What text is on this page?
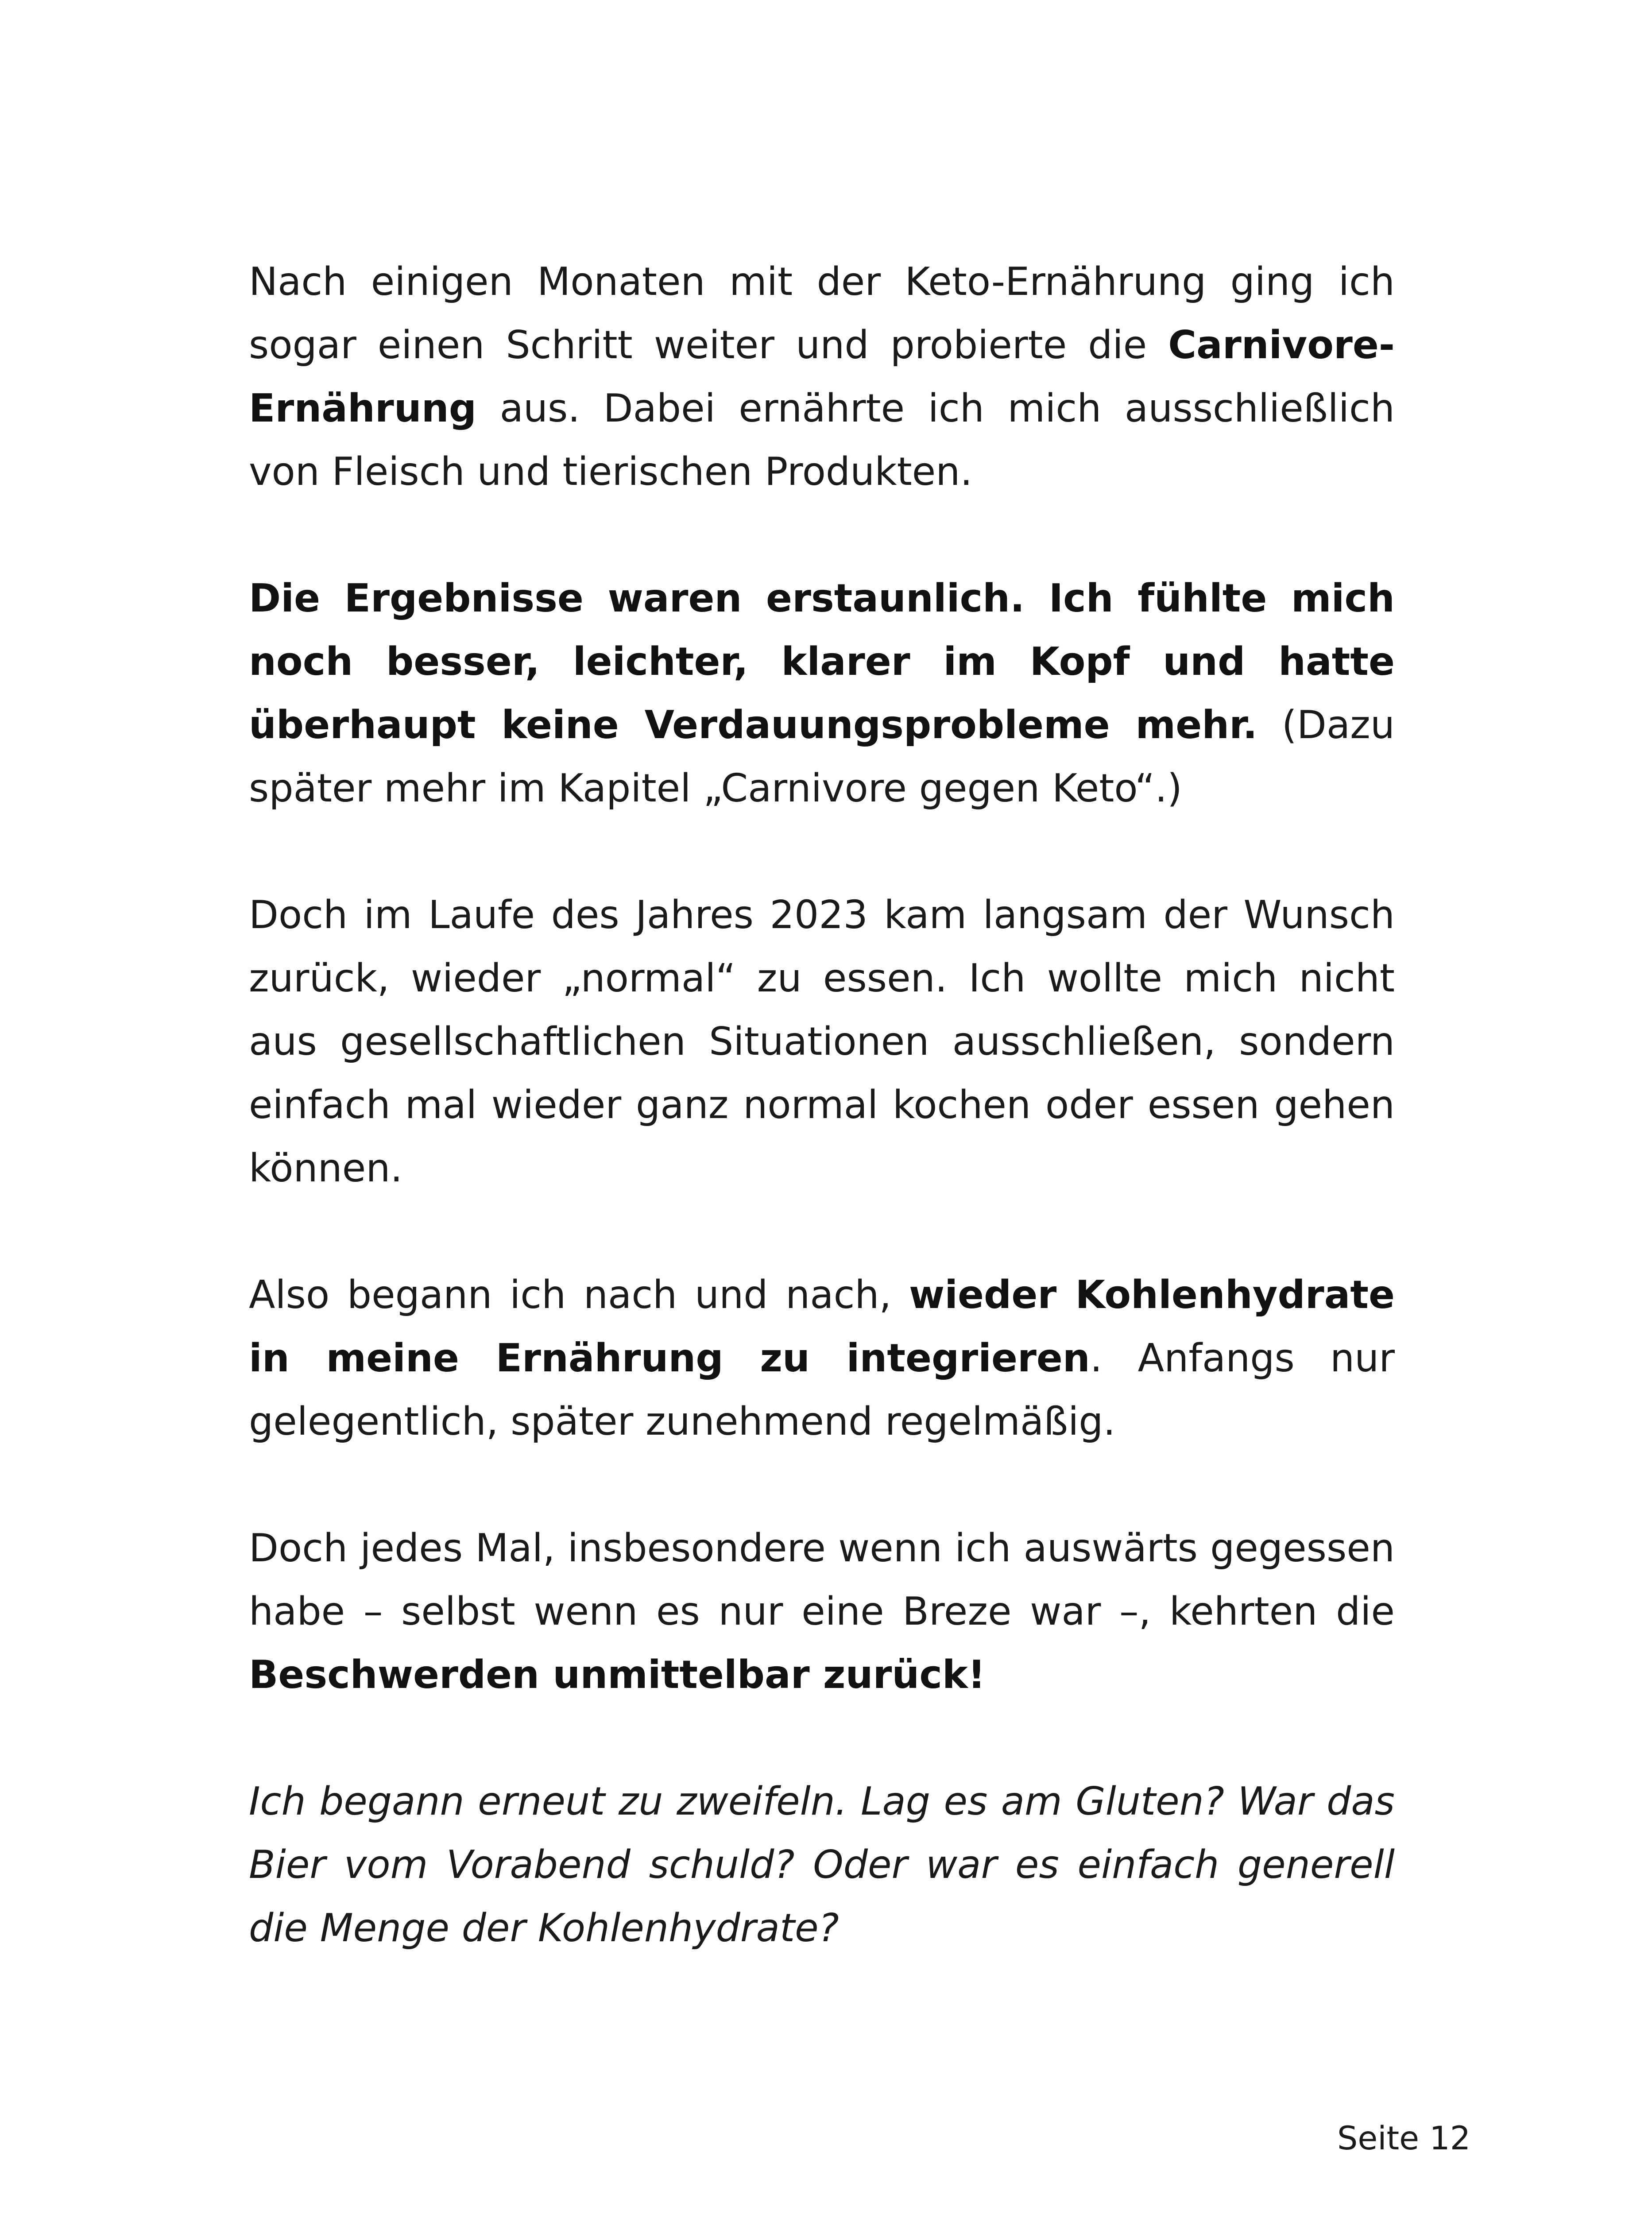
Nach einigen Monaten mit der Keto-Ernährung ging ich sogar einen Schritt weiter und probierte die Carnivore-Ernährung aus. Dabei ernährte ich mich ausschließlich von Fleisch und tierischen Produkten.

Die Ergebnisse waren erstaunlich. Ich fühlte mich noch besser, leichter, klarer im Kopf und hatte überhaupt keine Verdauungsprobleme mehr. (Dazu später mehr im Kapitel „Carnivore gegen Keto“.)

Doch im Laufe des Jahres 2023 kam langsam der Wunsch zurück, wieder „normal“ zu essen. Ich wollte mich nicht aus gesellschaftlichen Situationen ausschließen, sondern einfach mal wieder ganz normal kochen oder essen gehen können.

Also begann ich nach und nach, wieder Kohlenhydrate in meine Ernährung zu integrieren. Anfangs nur gelegentlich, später zunehmend regelmäßig.

Doch jedes Mal, insbesondere wenn ich auswärts gegessen habe – selbst wenn es nur eine Breze war –, kehrten die Beschwerden unmittelbar zurück!

Ich begann erneut zu zweifeln. Lag es am Gluten? War das Bier vom Vorabend schuld? Oder war es einfach generell die Menge der Kohlenhydrate?

Seite 12
